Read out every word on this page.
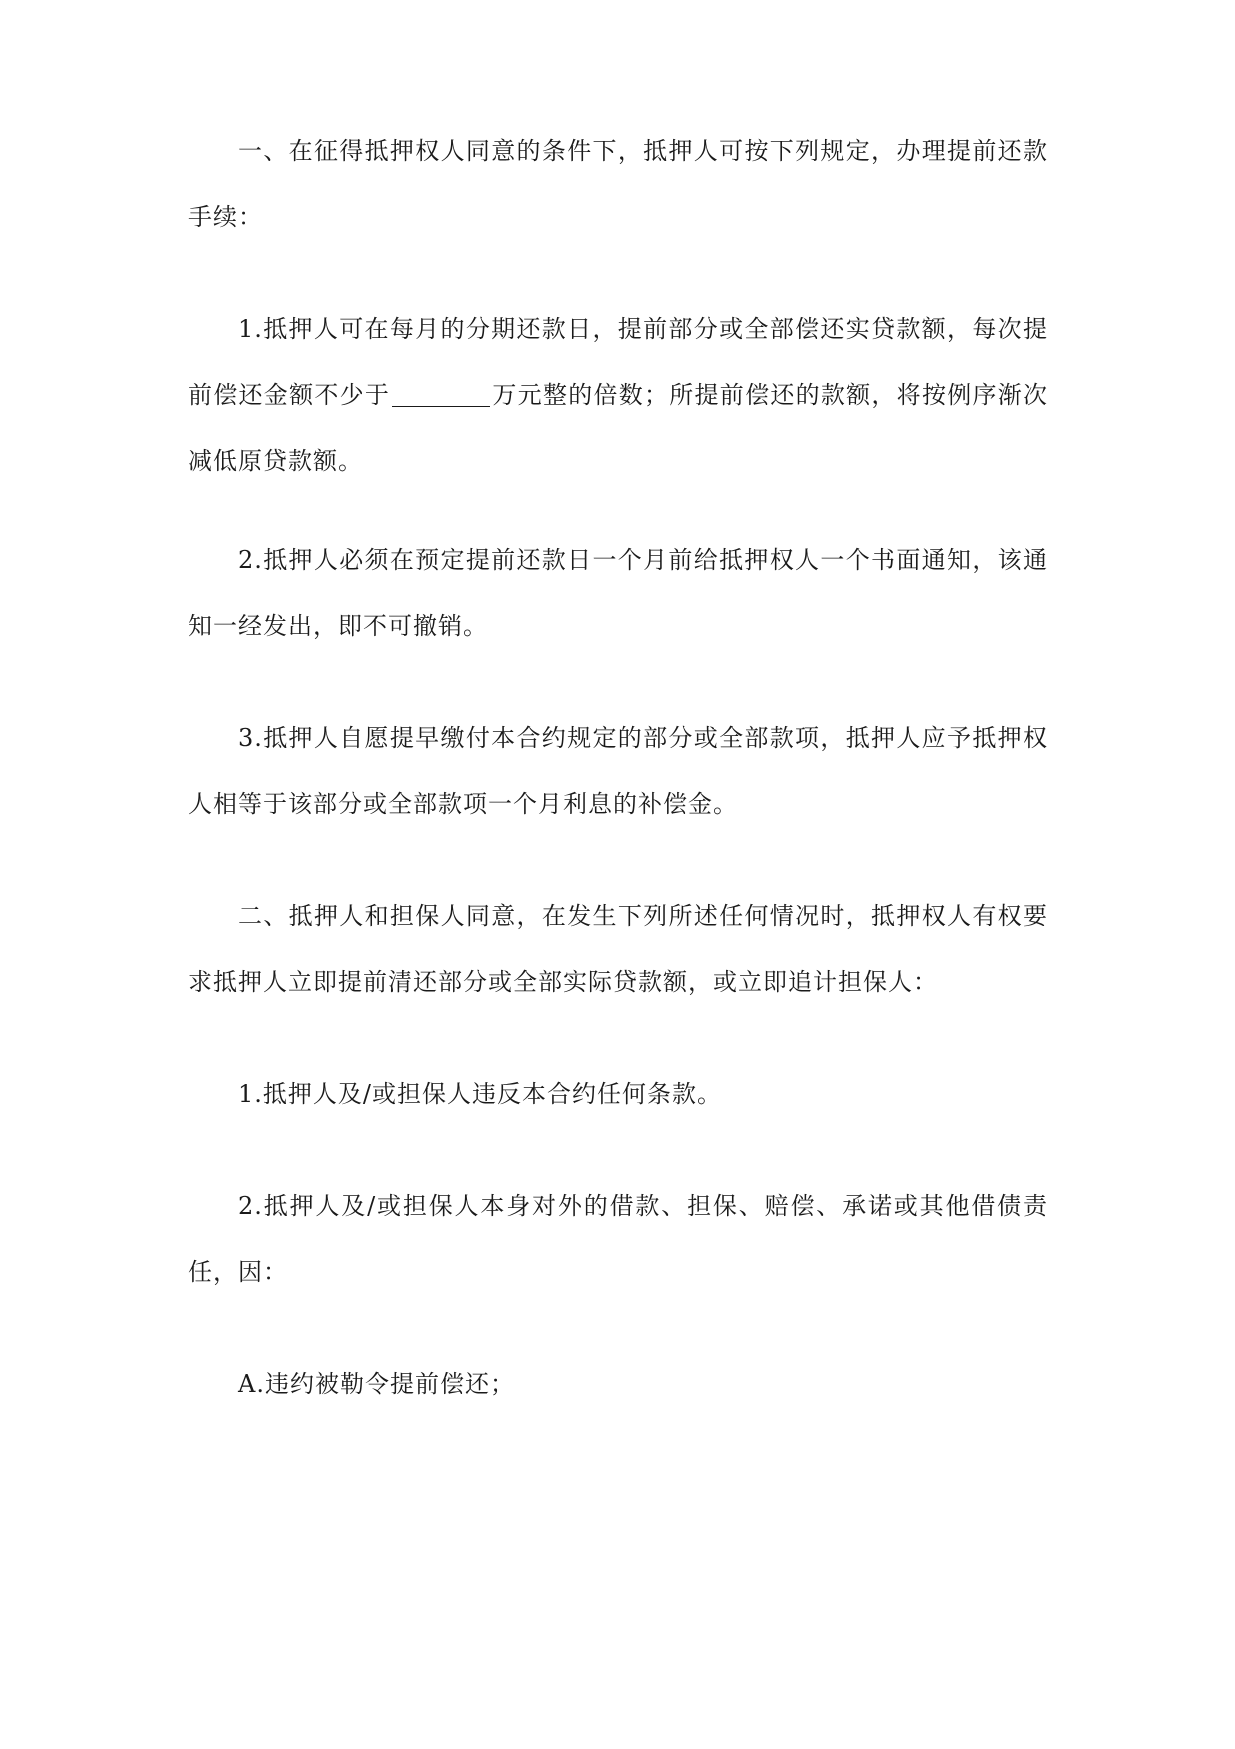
一、在征得抵押权人同意的条件下，抵押人可按下列规定，办理提前还款手续：

1.抵押人可在每月的分期还款日，提前部分或全部偿还实贷款额，每次提前偿还金额不少于	万元整的倍数；所提前偿还的款额，将按例序渐次减低原贷款额。

2.抵押人必须在预定提前还款日一个月前给抵押权人一个书面通知，该通知一经发出，即不可撤销。

3.抵押人自愿提早缴付本合约规定的部分或全部款项，抵押人应予抵押权人相等于该部分或全部款项一个月利息的补偿金。

二、抵押人和担保人同意，在发生下列所述任何情况时，抵押权人有权要求抵押人立即提前清还部分或全部实际贷款额，或立即追计担保人：

1.抵押人及/或担保人违反本合约任何条款。

2.抵押人及/或担保人本身对外的借款、担保、赔偿、承诺或其他借债责任，因：

A.违约被勒令提前偿还；
